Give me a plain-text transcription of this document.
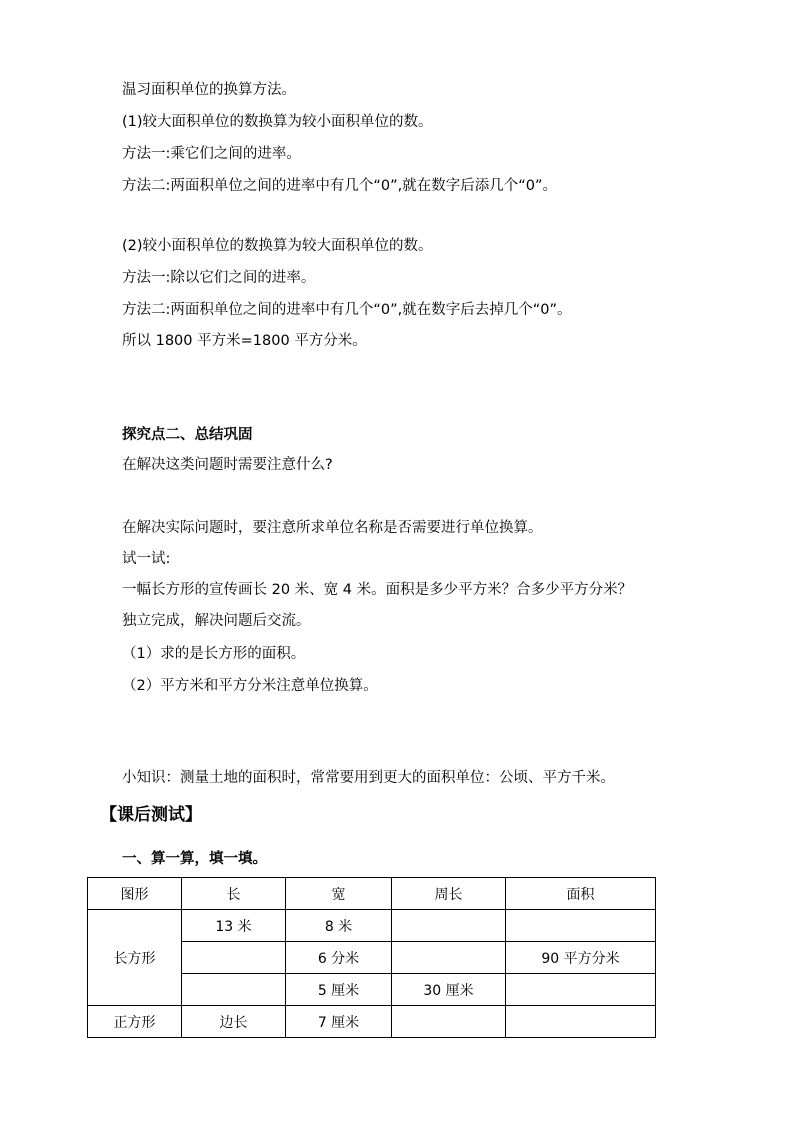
温习面积单位的换算方法。
(1)较大面积单位的数换算为较小面积单位的数。
方法一:乘它们之间的进率。
方法二:两面积单位之间的进率中有几个“0”,就在数字后添几个“0”。
(2)较小面积单位的数换算为较大面积单位的数。
方法一:除以它们之间的进率。
方法二:两面积单位之间的进率中有几个“0”,就在数字后去掉几个“0”。
所以 1800 平方米=1800 平方分米。
探究点二、总结巩固
在解决这类问题时需要注意什么?
在解决实际问题时，要注意所求单位名称是否需要进行单位换算。
试一试:
一幅长方形的宣传画长 20 米、宽 4 米。面积是多少平方米？合多少平方分米？
独立完成，解决问题后交流。
（1）求的是长方形的面积。
（2）平方米和平方分米注意单位换算。
小知识：测量土地的面积时，常常要用到更大的面积单位：公顷、平方千米。
【课后测试】
一、算一算，填一填。
图形	长	宽	周长	面积
长方形	13 米	8 米		
		6 分米		90 平方分米
		5 厘米	30 厘米	
正方形	边长	7 厘米		
